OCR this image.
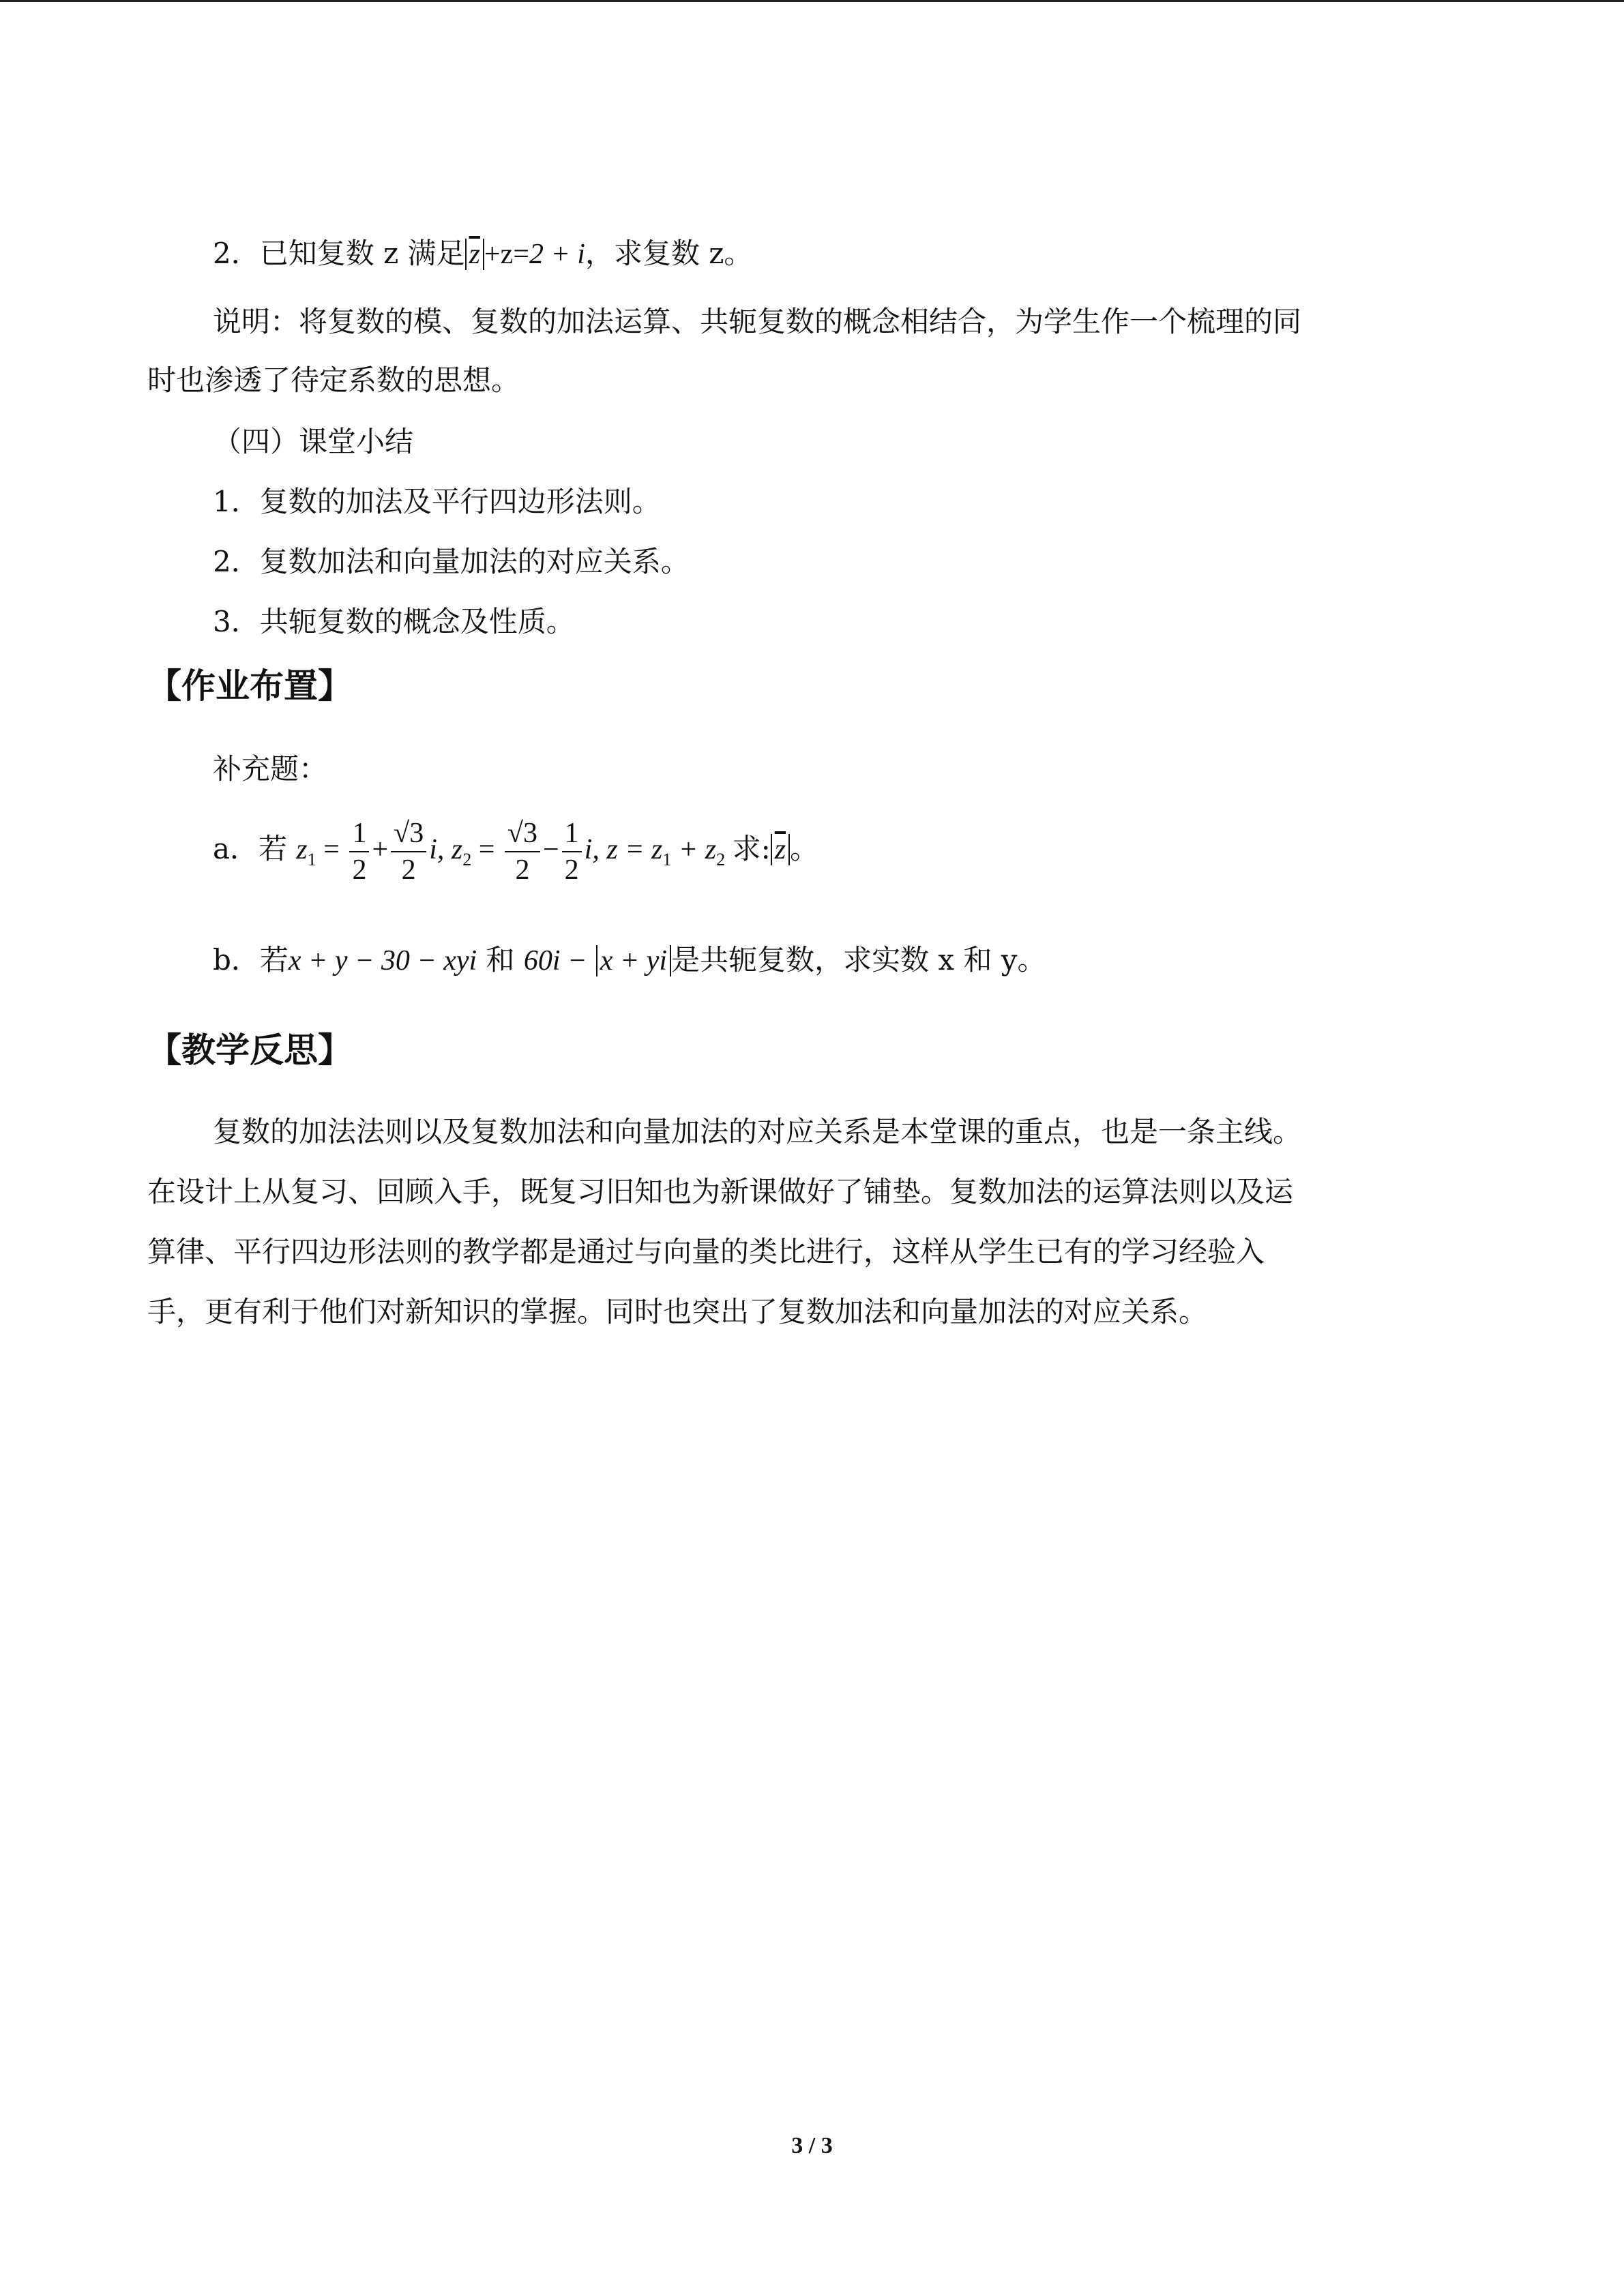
2．已知复数 z 满足 $\overline{z} +z=2 + i$，求复数 z。
说明：将复数的模、复数的加法运算、共轭复数的概念相结合，为学生作一个梳理的同
时也渗透了待定系数的思想。
（四）课堂小结
1．复数的加法及平行四边形法则。
2．复数加法和向量加法的对应关系。
3．共轭复数的概念及性质。
【作业布置】
补充题：
a．若 $z_1 = \frac{1}{2} + \frac{√3}{2} i$, $z_2 = \frac{√3}{2} - \frac{1}{2} i$, $z = z_1 + z_2$ 求: $\overline{z}$ 。
b．若x + y − 30 − xyi 和 60i − x + yi 是共轭复数，求实数 x 和 y。
【教学反思】
复数的加法法则以及复数加法和向量加法的对应关系是本堂课的重点，也是一条主线。
在设计上从复习、回顾入手，既复习旧知也为新课做好了铺垫。复数加法的运算法则以及运
算律、平行四边形法则的教学都是通过与向量的类比进行，这样从学生已有的学习经验入
手，更有利于他们对新知识的掌握。同时也突出了复数加法和向量加法的对应关系。
3 / 3
